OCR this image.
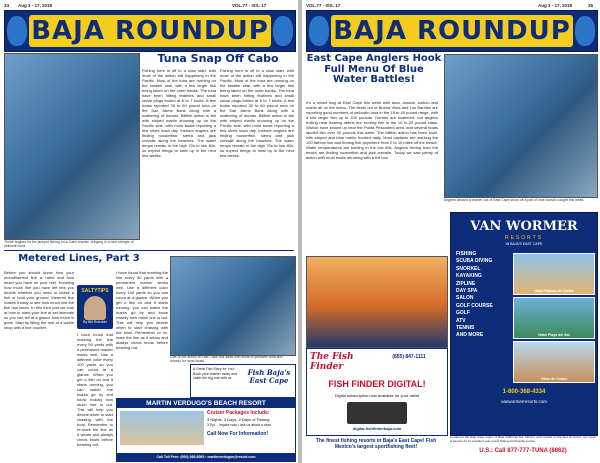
34 Aug 3 - 17, 2018	VOL.77 - ISS. 17
BAJA ROUNDUP
Tuna Snap Off Cabo
These anglers hit the jackpot fishing on a Cabo charter, bringing in a nice stringer of yellowfin tuna.
Fishing here is off to a slow start, with most of the action still happening in the Pacific. Most of the tuna are running on the smaller side, with a few larger fish being taken on the outer banks. The tuna have been hitting feathers and small cedar plugs trolled at 6 to 7 knots. A few boats reported 30 to 60 pound tuna on the San Jaime Bank along with a scattering of dorado. Billfish action is fair with striped marlin showing up on the Pacific side, with most boats reporting a few shots each day. Inshore anglers are finding roosterfish, sierra and jack crevalle along the beaches. The water temps remain in the high 70s to low 80s, so expect things to heat up in the next few weeks.
Fishing here is off to a slow start, with most of the action still happening in the Pacific. Most of the tuna are running on the smaller side, with a few larger fish being taken on the outer banks. The tuna have been hitting feathers and small cedar plugs trolled at 6 to 7 knots. A few boats reported 30 to 60 pound tuna on the San Jaime Bank along with a scattering of dorado. Billfish action is fair with striped marlin showing up on the Pacific side, with most boats reporting a few shots each day. Inshore anglers are finding roosterfish, sierra and jack crevalle along the beaches. The water temps remain in the high 70s to low 80s, so expect things to heat up in the next few weeks.
Metered Lines, Part 3
Before you should know how your monofilament line is rated and how much you have on your reel. Knowing how much line you have left lets you decide whether you need to chase a fish or hold your ground. Metered line makes it easy to see how much line the fish has taken. In this third part we look at how to mark your line at set intervals so you can tell at a glance how much is gone. Start by filling the reel at a tackle shop with a line counter.
SALTYTIPS
By Bill Roecker
I have found that marking the line every 50 yards with a permanent marker works well. Use a different color every 100 yards so you can count at a glance. When you get a fish on and it starts running, you can watch the marks go by and know exactly how much line is out. This will help you decide when to start chasing with the boat. Remember to re-mark the line as it wears and always check knots before heading out.
I have found that marking the line every 50 yards with a permanent marker works well. Use a different color every 100 yards so you can count at a glance. When you get a fish on and it starts running, you can watch the marks go by and know exactly how much line is out. This will help you decide when to start chasing with the boat. Remember to re-mark the line as it wears and always check knots before heading out.
Lots of hot action at East Cape this week with limits of yellowfin tuna and dorado for most boats.
A Great Fish Story for You!
Book your charter today and
catch the big one with us
Fish Baja's East Cape
MARTIN VERDUGO'S BEACH RESORT
Cruiser Packages Include:
3 Nights, 3 Days, 2 Days of Fishing
3 Ppl. - inquire now • ask us about a deal
Call Now For Information!
Call Toll Free: (800) 368-8083 • martinverdugos@resort.com
VOL.77 - ISS. 17	Aug 3 - 17, 2018	35
BAJA ROUNDUP
East Cape Anglers Hook Full Menu Of Blue Water Battles!
It's a mixed bag at East Cape this week with tuna, dorado, wahoo and marlin all on the menu. The fleets out of Buena Vista and Los Barriles are reporting good numbers of yellowfin tuna in the 15 to 40 pound range, with a few larger fish up to 100 pounds. Dorado are scattered, but anglers trolling near floating debris are scoring fish in the 10 to 25 pound class. Wahoo have shown up near the Punta Pescadero area, and several boats landed fish over 40 pounds this week. The billfish action has been solid, with striped and blue marlin hooked daily. Most captains are working the 100 fathom line and finding fish anywhere from 2 to 10 miles off the beach. Water temperatures are holding in the low 80s. Anglers fishing from the beach are finding roosterfish and jack crevalle. Today we saw plenty of action with most boats returning with a full box.
Anglers aboard a charter out of East Cape show off a pair of nice dorado caught this week.
The Fish Finder
(855) 847-1111
FISH FINDER DIGITAL!
Digital subscription now available for your tablet
digital.fishfinderbaja.com
VAN WORMER
RESORTS
IN BAJA'S EAST CAPE
FISHING
SCUBA DIVING
SNORKEL
KAYAKING
ZIPLINE
DAY SPA
SALON
GOLF COURSE
GOLF
ATV
TENNIS
AND MORE
Hotel Palmas de Cortez
Hotel Playa del Sol
Villas de Cortez
1-800-368-4334
vanwormerresorts.com
Located in the East Cape region of Baja California Sur, Mexico, and nestled on the Sea of Cortez, our resort is famous for its excellent year-round fishing and friendly service.
The finest fishing resorts in Baja's East Cape! Fish Mexico's largest sportfishing fleet!
U.S.: Call 877-777-TUNA (8862)
